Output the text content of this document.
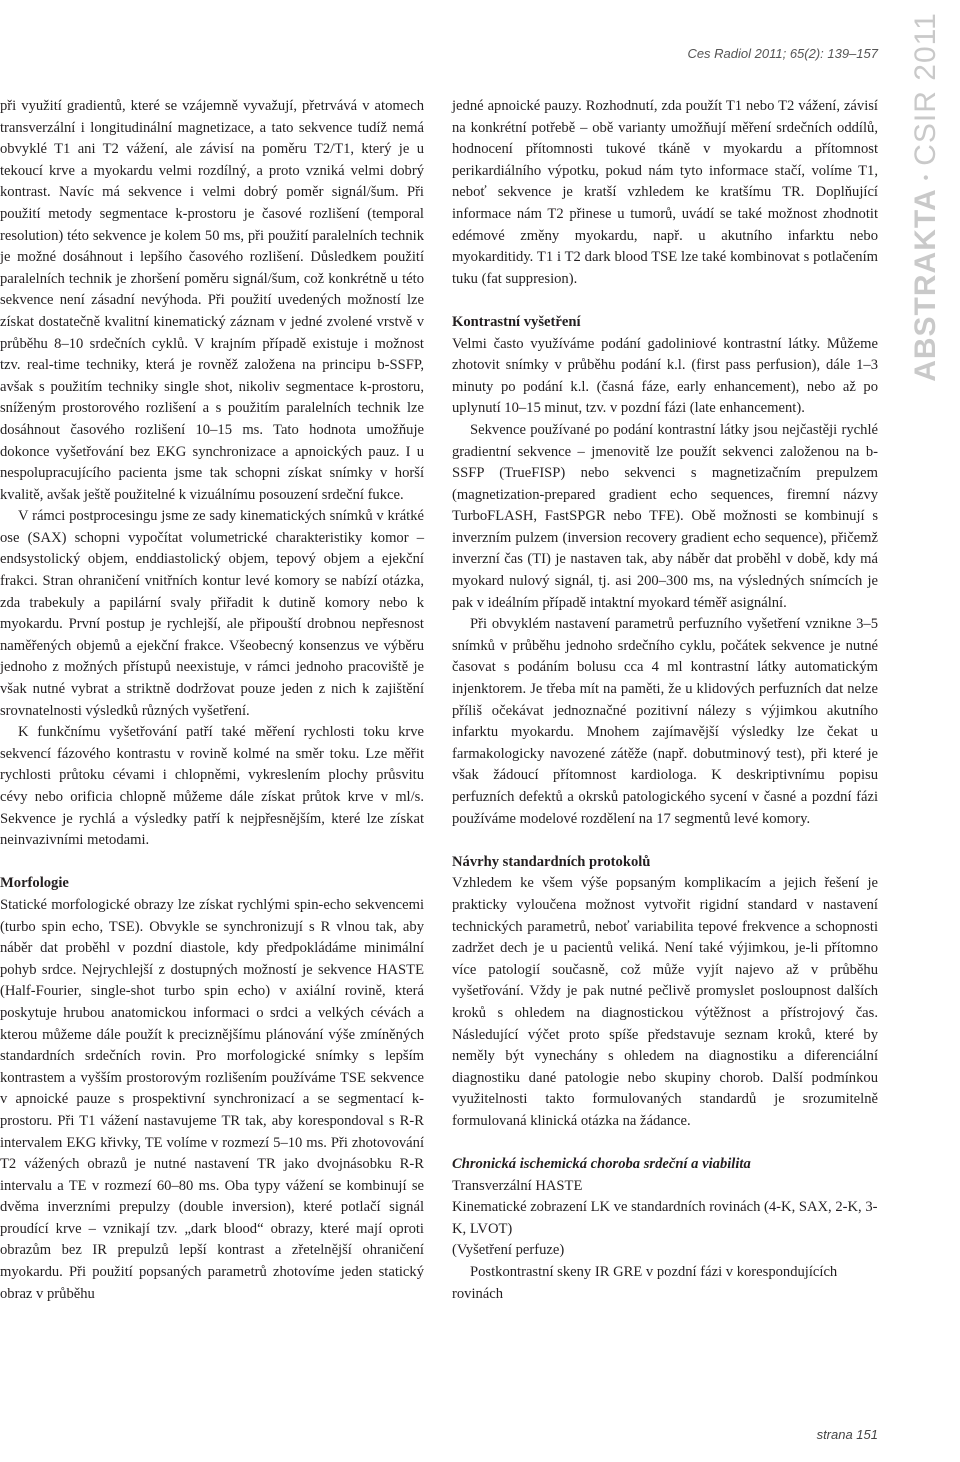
Ces Radiol 2011; 65(2): 139–157

při využití gradientů, které se vzájemně vyvažují, přetrvává v atomech transverzální i longitudinální magnetizace, a tato sekvence tudíž nemá obvyklé T1 ani T2 vážení, ale závisí na poměru T2/T1, který je u tekoucí krve a myokardu velmi rozdílný, a proto vzniká velmi dobrý kontrast. Navíc má sekvence i velmi dobrý poměr signál/šum. Při použití metody segmentace k-prostoru je časové rozlišení (temporal resolution) této sekvence je kolem 50 ms, při použití paralelních technik je možné dosáhnout i lepšího časového rozlišení. Důsledkem použití paralelních technik je zhoršení poměru signál/šum, což konkrétně u této sekvence není zásadní nevýhoda. Při použití uvedených možností lze získat dostatečně kvalitní kinematický záznam v jedné zvolené vrstvě v průběhu 8–10 srdečních cyklů. V krajním případě existuje i možnost tzv. real-time techniky, která je rovněž založena na principu b-SSFP, avšak s použitím techniky single shot, nikoliv segmentace k-prostoru, sníženým prostorového rozlišení a s použitím paralelních technik lze dosáhnout časového rozlišení 10–15 ms. Tato hodnota umožňuje dokonce vyšetřování bez EKG synchronizace a apnoických pauz. I u nespolupracujícího pacienta jsme tak schopni získat snímky v horší kvalitě, avšak ještě použitelné k vizuálnímu posouzení srdeční fukce.

V rámci postprocesingu jsme ze sady kinematických snímků v krátké ose (SAX) schopni vypočítat volumetrické charakteristiky komor – endsystolický objem, enddiastolický objem, tepový objem a ejekční frakci. Stran ohraničení vnitřních kontur levé komory se nabízí otázka, zda trabekuly a papilární svaly přiřadit k dutině komory nebo k myokardu. První postup je rychlejší, ale připouští drobnou nepřesnost naměřených objemů a ejekční frakce. Všeobecný konsenzus ve výběru jednoho z možných přístupů neexistuje, v rámci jednoho pracoviště je však nutné vybrat a striktně dodržovat pouze jeden z nich k zajištění srovnatelnosti výsledků různých vyšetření.

K funkčnímu vyšetřování patří také měření rychlosti toku krve sekvencí fázového kontrastu v rovině kolmé na směr toku. Lze měřit rychlosti průtoku cévami i chlopněmi, vykreslením plochy průsvitu cévy nebo orificia chlopně můžeme dále získat průtok krve v ml/s. Sekvence je rychlá a výsledky patří k nejpřesnějším, které lze získat neinvazivními metodami.

Morfologie

Statické morfologické obrazy lze získat rychlými spin-echo sekvencemi (turbo spin echo, TSE). Obvykle se synchronizují s R vlnou tak, aby náběr dat proběhl v pozdní diastole, kdy předpokládáme minimální pohyb srdce. Nejrychlejší z dostupných možností je sekvence HASTE (Half-Fourier, single-shot turbo spin echo) v axiální rovině, která poskytuje hrubou anatomickou informaci o srdci a velkých cévách a kterou můžeme dále použít k preciznějšímu plánování výše zmíněných standardních srdečních rovin. Pro morfologické snímky s lepším kontrastem a vyšším prostorovým rozlišením používáme TSE sekvence v apnoické pauze s prospektivní synchronizací a se segmentací k-prostoru. Při T1 vážení nastavujeme TR tak, aby korespondoval s R-R intervalem EKG křivky, TE volíme v rozmezí 5–10 ms. Při zhotovování T2 vážených obrazů je nutné nastavení TR jako dvojnásobku R-R intervalu a TE v rozmezí 60–80 ms. Oba typy vážení se kombinují se dvěma inverzními prepulzy (double inversion), které potlačí signál proudící krve – vznikají tzv. „dark blood“ obrazy, které mají oproti obrazům bez IR prepulzů lepší kontrast a zřetelnější ohraničení myokardu. Při použití popsaných parametrů zhotovíme jeden statický obraz v průběhu

jedné apnoické pauzy. Rozhodnutí, zda použít T1 nebo T2 vážení, závisí na konkrétní potřebě – obě varianty umožňují měření srdečních oddílů, hodnocení přítomnosti tukové tkáně v myokardu a přítomnost perikardiálního výpotku, pokud nám tyto informace stačí, volíme T1, neboť sekvence je kratší vzhledem ke kratšímu TR. Doplňující informace nám T2 přinese u tumorů, uvádí se také možnost zhodnotit edémové změny myokardu, např. u akutního infarktu nebo myokarditidy. T1 i T2 dark blood TSE lze také kombinovat s potlačením tuku (fat suppresion).

Kontrastní vyšetření

Velmi často využíváme podání gadoliniové kontrastní látky. Můžeme zhotovit snímky v průběhu podání k.l. (first pass perfusion), dále 1–3 minuty po podání k.l. (časná fáze, early enhancement), nebo až po uplynutí 10–15 minut, tzv. v pozdní fázi (late enhancement).

Sekvence používané po podání kontrastní látky jsou nejčastěji rychlé gradientní sekvence – jmenovitě lze použít sekvenci založenou na b-SSFP (TrueFISP) nebo sekvenci s magnetizačním prepulzem (magnetization-prepared gradient echo sequences, firemní názvy TurboFLASH, FastSPGR nebo TFE). Obě možnosti se kombinují s inverzním pulzem (inversion recovery gradient echo sequence), přičemž inverzní čas (TI) je nastaven tak, aby náběr dat proběhl v době, kdy má myokard nulový signál, tj. asi 200–300 ms, na výsledných snímcích je pak v ideálním případě intaktní myokard téměř asignální.

Při obvyklém nastavení parametrů perfuzního vyšetření vznikne 3–5 snímků v průběhu jednoho srdečního cyklu, počátek sekvence je nutné časovat s podáním bolusu cca 4 ml kontrastní látky automatickým injenktorem. Je třeba mít na paměti, že u klidových perfuzních dat nelze příliš očekávat jednoznačné pozitivní nálezy s výjimkou akutního infarktu myokardu. Mnohem zajímavější výsledky lze čekat u farmakologicky navozené zátěže (např. dobutminový test), při které je však žádoucí přítomnost kardiologa. K deskriptivnímu popisu perfuzních defektů a okrsků patologického sycení v časné a pozdní fázi používáme modelové rozdělení na 17 segmentů levé komory.

Návrhy standardních protokolů

Vzhledem ke všem výše popsaným komplikacím a jejich řešení je prakticky vyloučena možnost vytvořit rigidní standard v nastavení technických parametrů, neboť variabilita tepové frekvence a schopnosti zadržet dech je u pacientů veliká. Není také výjimkou, je-li přítomno více patologií současně, což může vyjít najevo až v průběhu vyšetřování. Vždy je pak nutné pečlivě promyslet posloupnost dalších kroků s ohledem na diagnostickou výtěžnost a přístrojový čas. Následující výčet proto spíše představuje seznam kroků, které by neměly být vynechány s ohledem na diagnostiku a diferenciální diagnostiku dané patologie nebo skupiny chorob. Další podmínkou využitelnosti takto formulovaných standardů je srozumitelně formulovaná klinická otázka na žádance.

Chronická ischemická choroba srdeční a viabilita

Transverzální HASTE

Kinematické zobrazení LK ve standardních rovinách (4-K, SAX, 2-K, 3-K, LVOT)

(Vyšetření perfuze)

Postkontrastní skeny IR GRE v pozdní fázi v korespondujících rovinách

ABSTRAKTA•CSIR 2011
strana 151
